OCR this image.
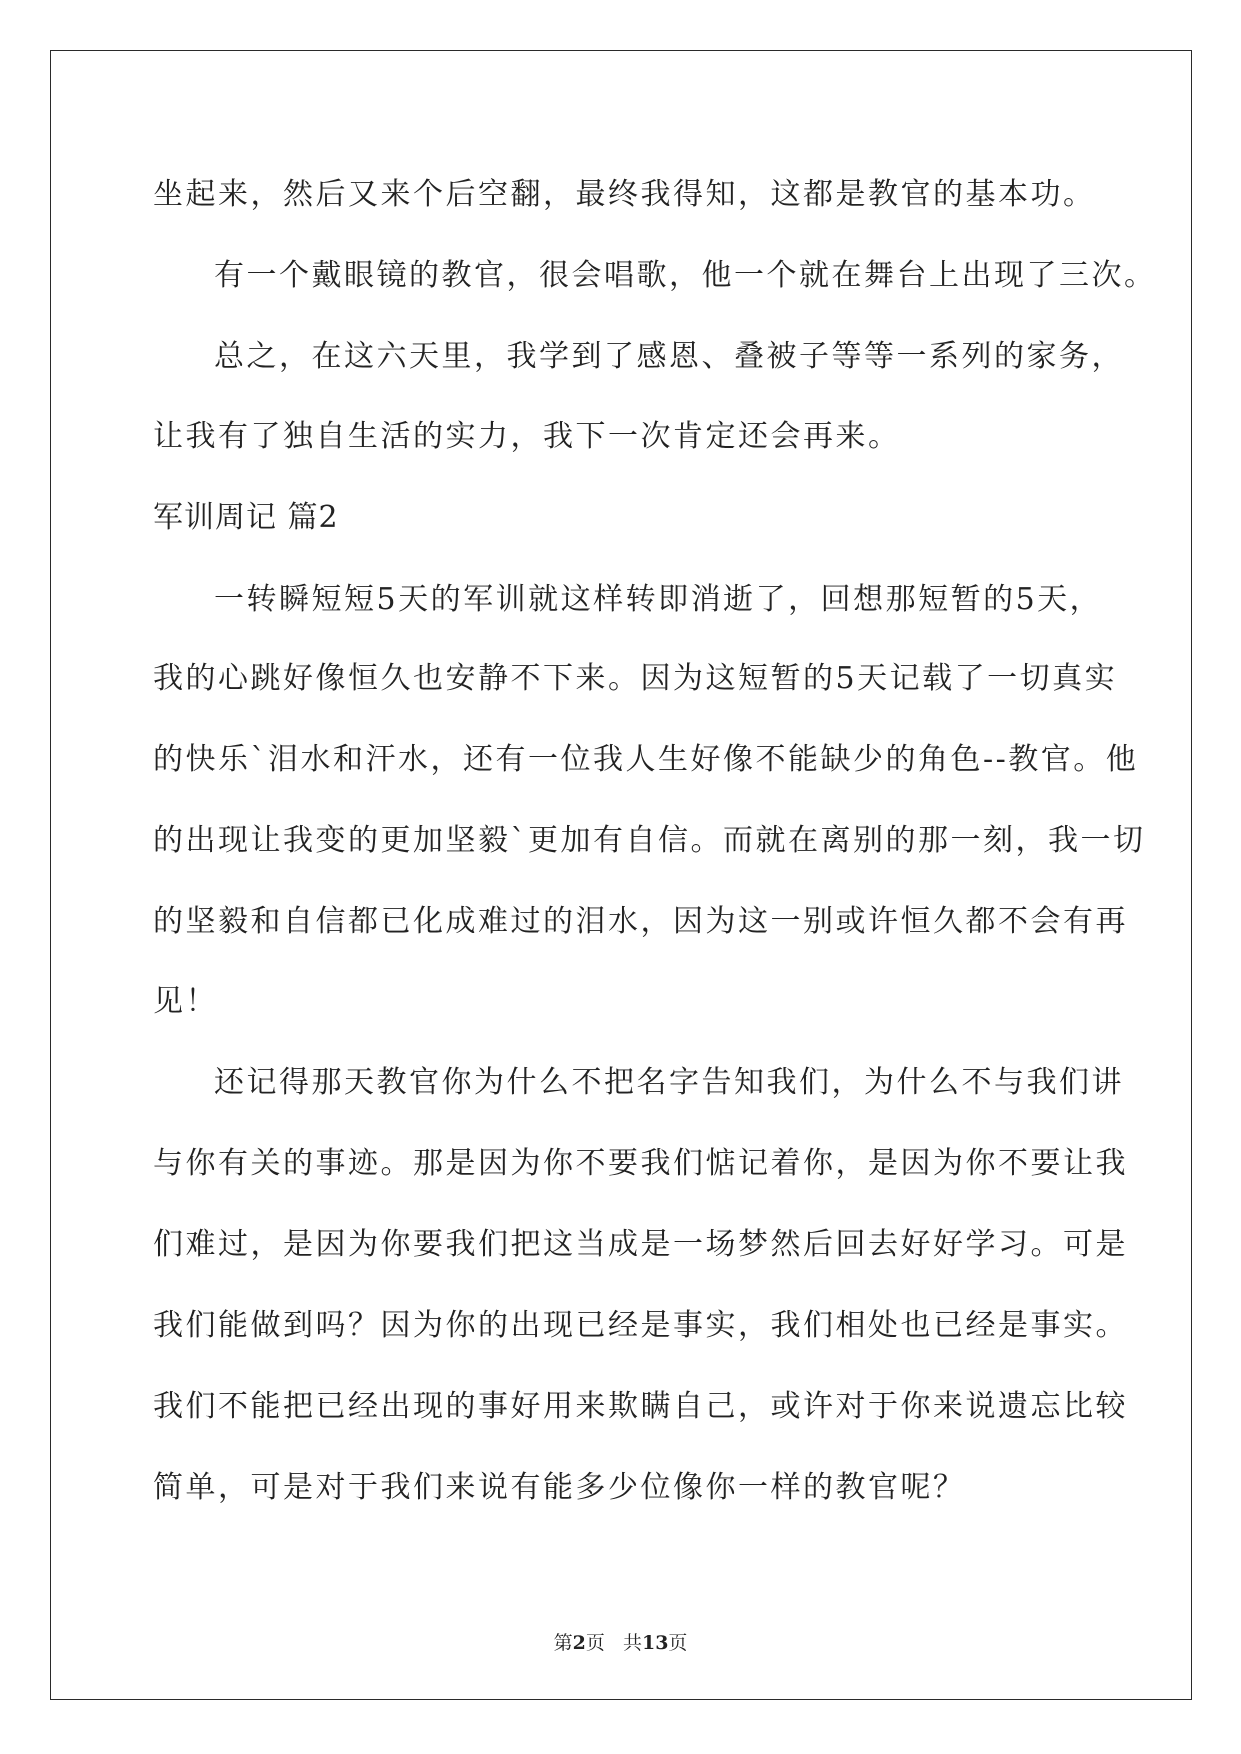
坐起来，然后又来个后空翻，最终我得知，这都是教官的基本功。
有一个戴眼镜的教官，很会唱歌，他一个就在舞台上出现了三次。
总之，在这六天里，我学到了感恩、叠被子等等一系列的家务，
让我有了独自生活的实力，我下一次肯定还会再来。
军训周记 篇2
一转瞬短短5天的军训就这样转即消逝了，回想那短暂的5天，
我的心跳好像恒久也安静不下来。因为这短暂的5天记载了一切真实
的快乐`泪水和汗水，还有一位我人生好像不能缺少的角色--教官。他
的出现让我变的更加坚毅`更加有自信。而就在离别的那一刻，我一切
的坚毅和自信都已化成难过的泪水，因为这一别或许恒久都不会有再
见！
还记得那天教官你为什么不把名字告知我们，为什么不与我们讲
与你有关的事迹。那是因为你不要我们惦记着你，是因为你不要让我
们难过，是因为你要我们把这当成是一场梦然后回去好好学习。可是
我们能做到吗？因为你的出现已经是事实，我们相处也已经是事实。
我们不能把已经出现的事好用来欺瞒自己，或许对于你来说遗忘比较
简单，可是对于我们来说有能多少位像你一样的教官呢？
第2页 共13页
